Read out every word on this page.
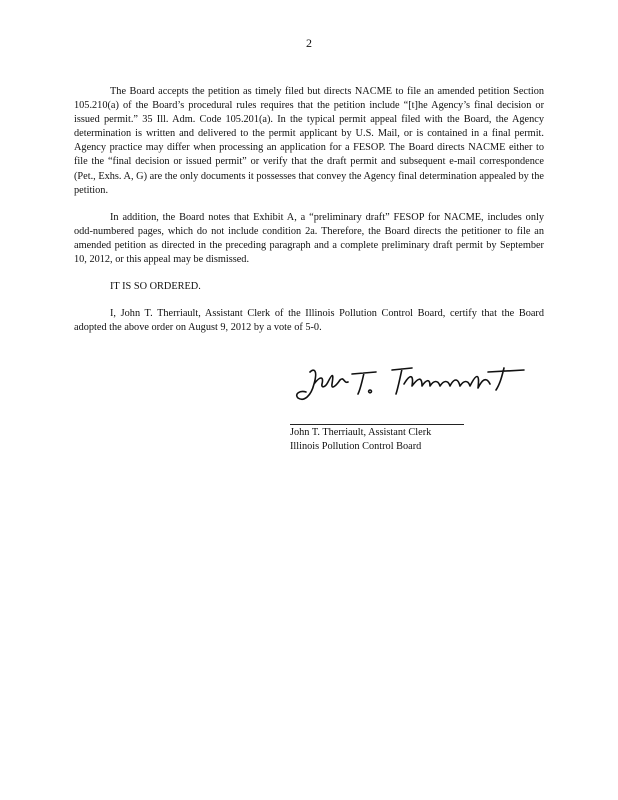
2

The Board accepts the petition as timely filed but directs NACME to file an amended petition Section 105.210(a) of the Board’s procedural rules requires that the petition include “[t]he Agency’s final decision or issued permit.” 35 Ill. Adm. Code 105.201(a). In the typical permit appeal filed with the Board, the Agency determination is written and delivered to the permit applicant by U.S. Mail, or is contained in a final permit. Agency practice may differ when processing an application for a FESOP. The Board directs NACME either to file the “final decision or issued permit” or verify that the draft permit and subsequent e-mail correspondence (Pet., Exhs. A, G) are the only documents it possesses that convey the Agency final determination appealed by the petition.

In addition, the Board notes that Exhibit A, a “preliminary draft” FESOP for NACME, includes only odd-numbered pages, which do not include condition 2a. Therefore, the Board directs the petitioner to file an amended petition as directed in the preceding paragraph and a complete preliminary draft permit by September 10, 2012, or this appeal may be dismissed.

IT IS SO ORDERED.

I, John T. Therriault, Assistant Clerk of the Illinois Pollution Control Board, certify that the Board adopted the above order on August 9, 2012 by a vote of 5-0.

John T. Therriault, Assistant Clerk
Illinois Pollution Control Board
